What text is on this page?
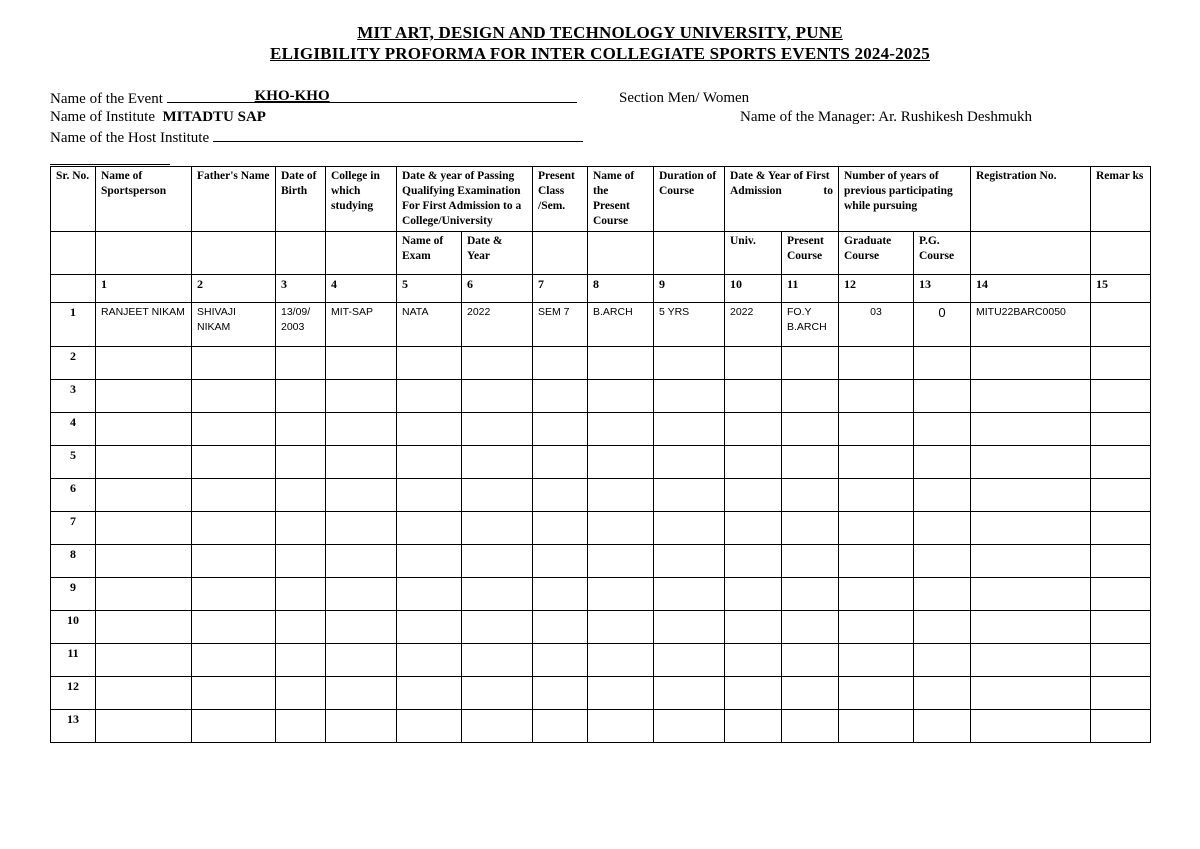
MIT ART, DESIGN AND TECHNOLOGY UNIVERSITY, PUNE
ELIGIBILITY PROFORMA FOR INTER COLLEGIATE SPORTS EVENTS 2024-2025
Name of the Event	KHO-KHO	Section Men/ Women
Name of Institute MITADTU SAP	Name of the Manager: Ar. Rushikesh Deshmukh
Name of the Host Institute
Sr. No.	Name of Sportsperson	Father's Name	Date of Birth	College in which studying	Date & year of Passing Qualifying Examination For First Admission to a College/University		Present Class /Sem.	Name of the Present Course	Duration of Course	Date & Year of First Admission to		Number of years of previous participating while pursuing		Registration No.	Remar ks
					Name of Exam	Date & Year				Univ.	Present Course	Graduate Course	P.G. Course		
	1	2	3	4	5	6	7	8	9	10	11	12	13	14	15
1	RANJEET NIKAM	SHIVAJI NIKAM	13/09/ 2003	MIT-SAP	NATA	2022	SEM 7	B.ARCH	5 YRS	2022	FO.Y B.ARCH	03	0	MITU22BARC0050	
2															
3															
4															
5															
6															
7															
8															
9															
10															
11															
12															
13															
